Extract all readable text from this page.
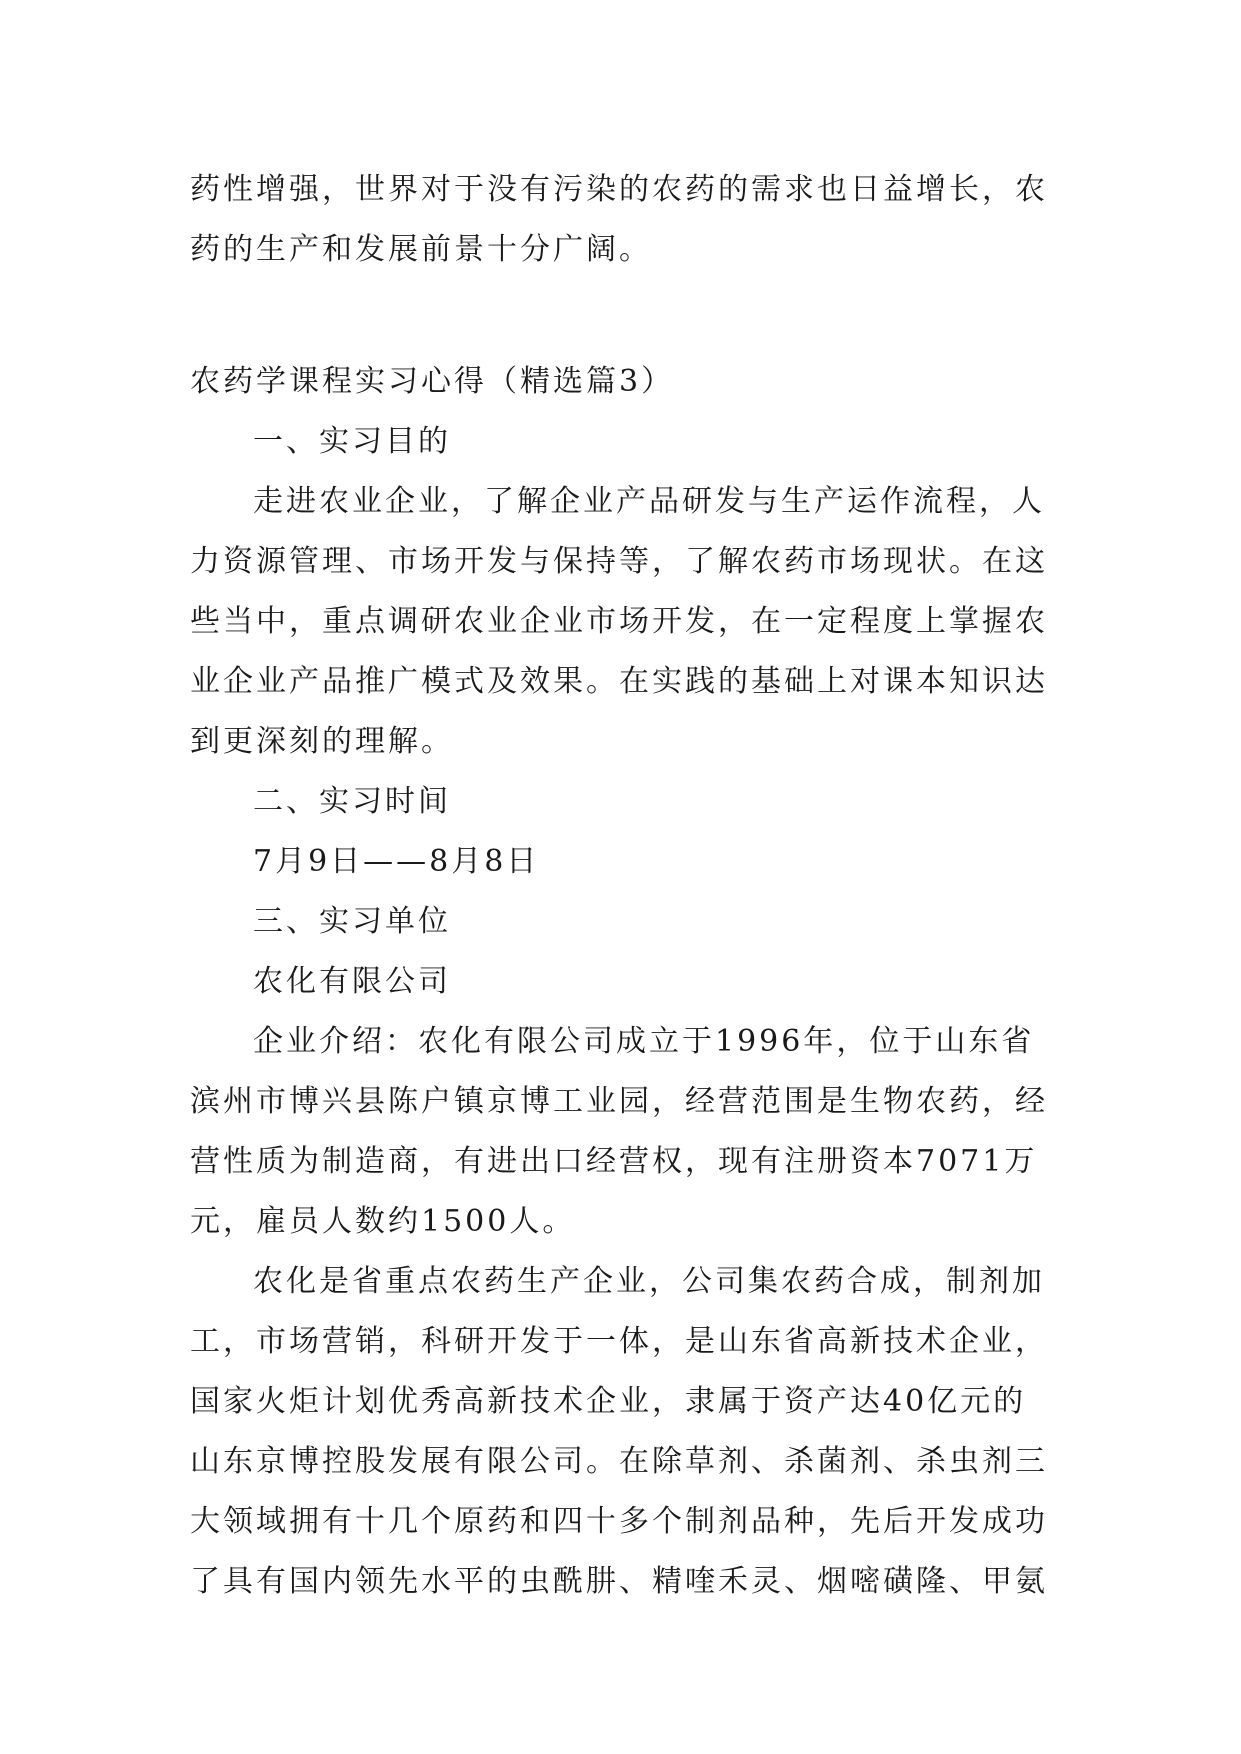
药性增强，世界对于没有污染的农药的需求也日益增长，农

药的生产和发展前景十分广阔。

农药学课程实习心得（精选篇3）

一、实习目的

走进农业企业，了解企业产品研发与生产运作流程，人

力资源管理、市场开发与保持等，了解农药市场现状。在这

些当中，重点调研农业企业市场开发，在一定程度上掌握农

业企业产品推广模式及效果。在实践的基础上对课本知识达

到更深刻的理解。

二、实习时间

7月9日——8月8日

三、实习单位

农化有限公司

企业介绍：农化有限公司成立于1996年，位于山东省

滨州市博兴县陈户镇京博工业园，经营范围是生物农药，经

营性质为制造商，有进出口经营权，现有注册资本7071万

元，雇员人数约1500人。

农化是省重点农药生产企业，公司集农药合成，制剂加

工，市场营销，科研开发于一体，是山东省高新技术企业，

国家火炬计划优秀高新技术企业，隶属于资产达40亿元的

山东京博控股发展有限公司。在除草剂、杀菌剂、杀虫剂三

大领域拥有十几个原药和四十多个制剂品种，先后开发成功

了具有国内领先水平的虫酰肼、精喹禾灵、烟嘧磺隆、甲氨
